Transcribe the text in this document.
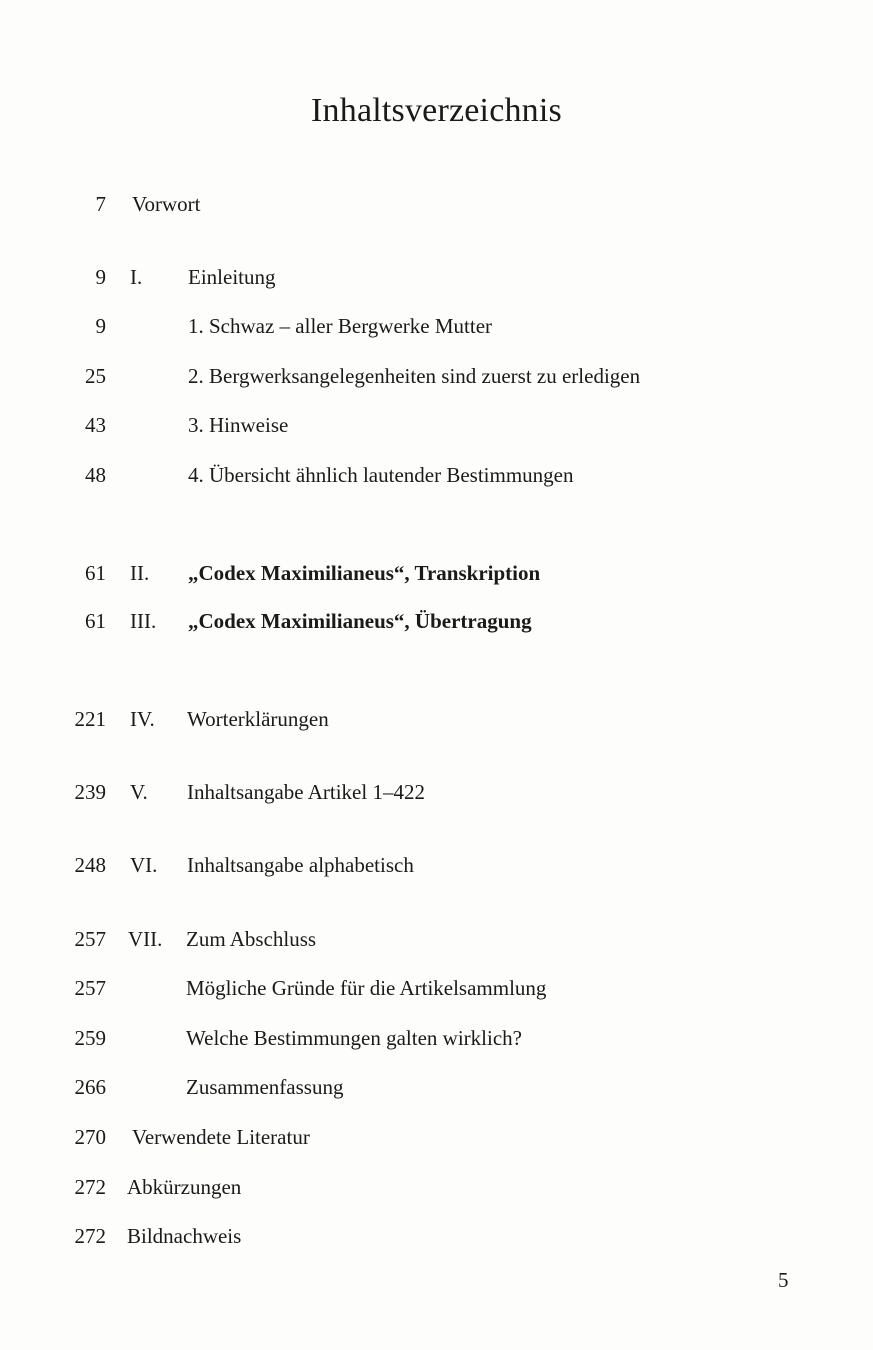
Inhaltsverzeichnis
7 Vorwort
9 I. Einleitung
9	1. Schwaz – aller Bergwerke Mutter
25	2. Bergwerksangelegenheiten sind zuerst zu erledigen
43	3. Hinweise
48	4. Übersicht ähnlich lautender Bestimmungen
61 II. „Codex Maximilianeus“, Transkription
61 III. „Codex Maximilianeus“, Übertragung
221 IV. Worterklärungen
239 V. Inhaltsangabe Artikel 1–422
248 VI. Inhaltsangabe alphabetisch
257 VII. Zum Abschluss
257	Mögliche Gründe für die Artikelsammlung
259	Welche Bestimmungen galten wirklich?
266	Zusammenfassung
270 Verwendete Literatur
272 Abkürzungen
272 Bildnachweis
5
